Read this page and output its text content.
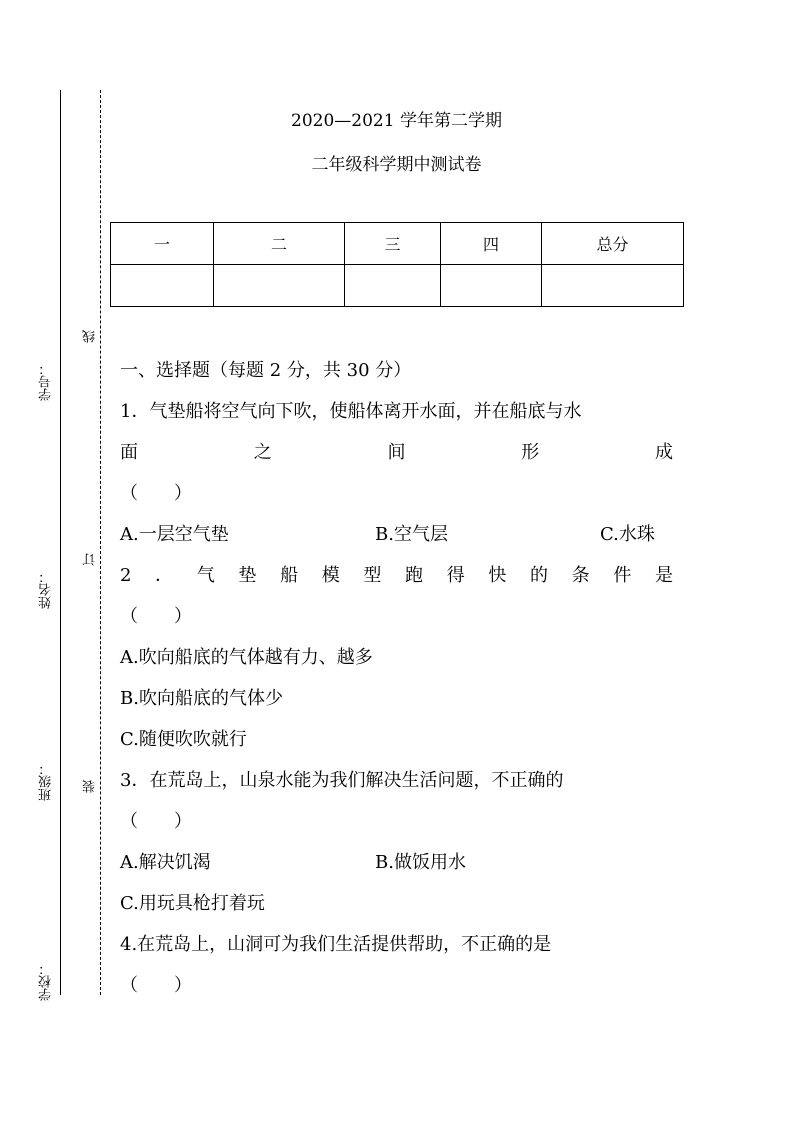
学号：
姓名：
班级：
学校：
线
订
装
2020—2021 学年第二学期
二年级科学期中测试卷
一	二	三	四	总分

一、选择题（每题 2 分，共 30 分）
1．气垫船将空气向下吹，使船体离开水面，并在船底与水
面	之	间	形	成
（　　）
A.一层空气垫	B.空气层	C.水珠
2 ． 气 垫 船 模 型 跑 得 快 的 条 件 是
（　　）
A.吹向船底的气体越有力、越多
B.吹向船底的气体少
C.随便吹吹就行
3．在荒岛上，山泉水能为我们解决生活问题，不正确的
（　　）
A.解决饥渴	B.做饭用水
C.用玩具枪打着玩
4.在荒岛上，山洞可为我们生活提供帮助，不正确的是
（　　）
